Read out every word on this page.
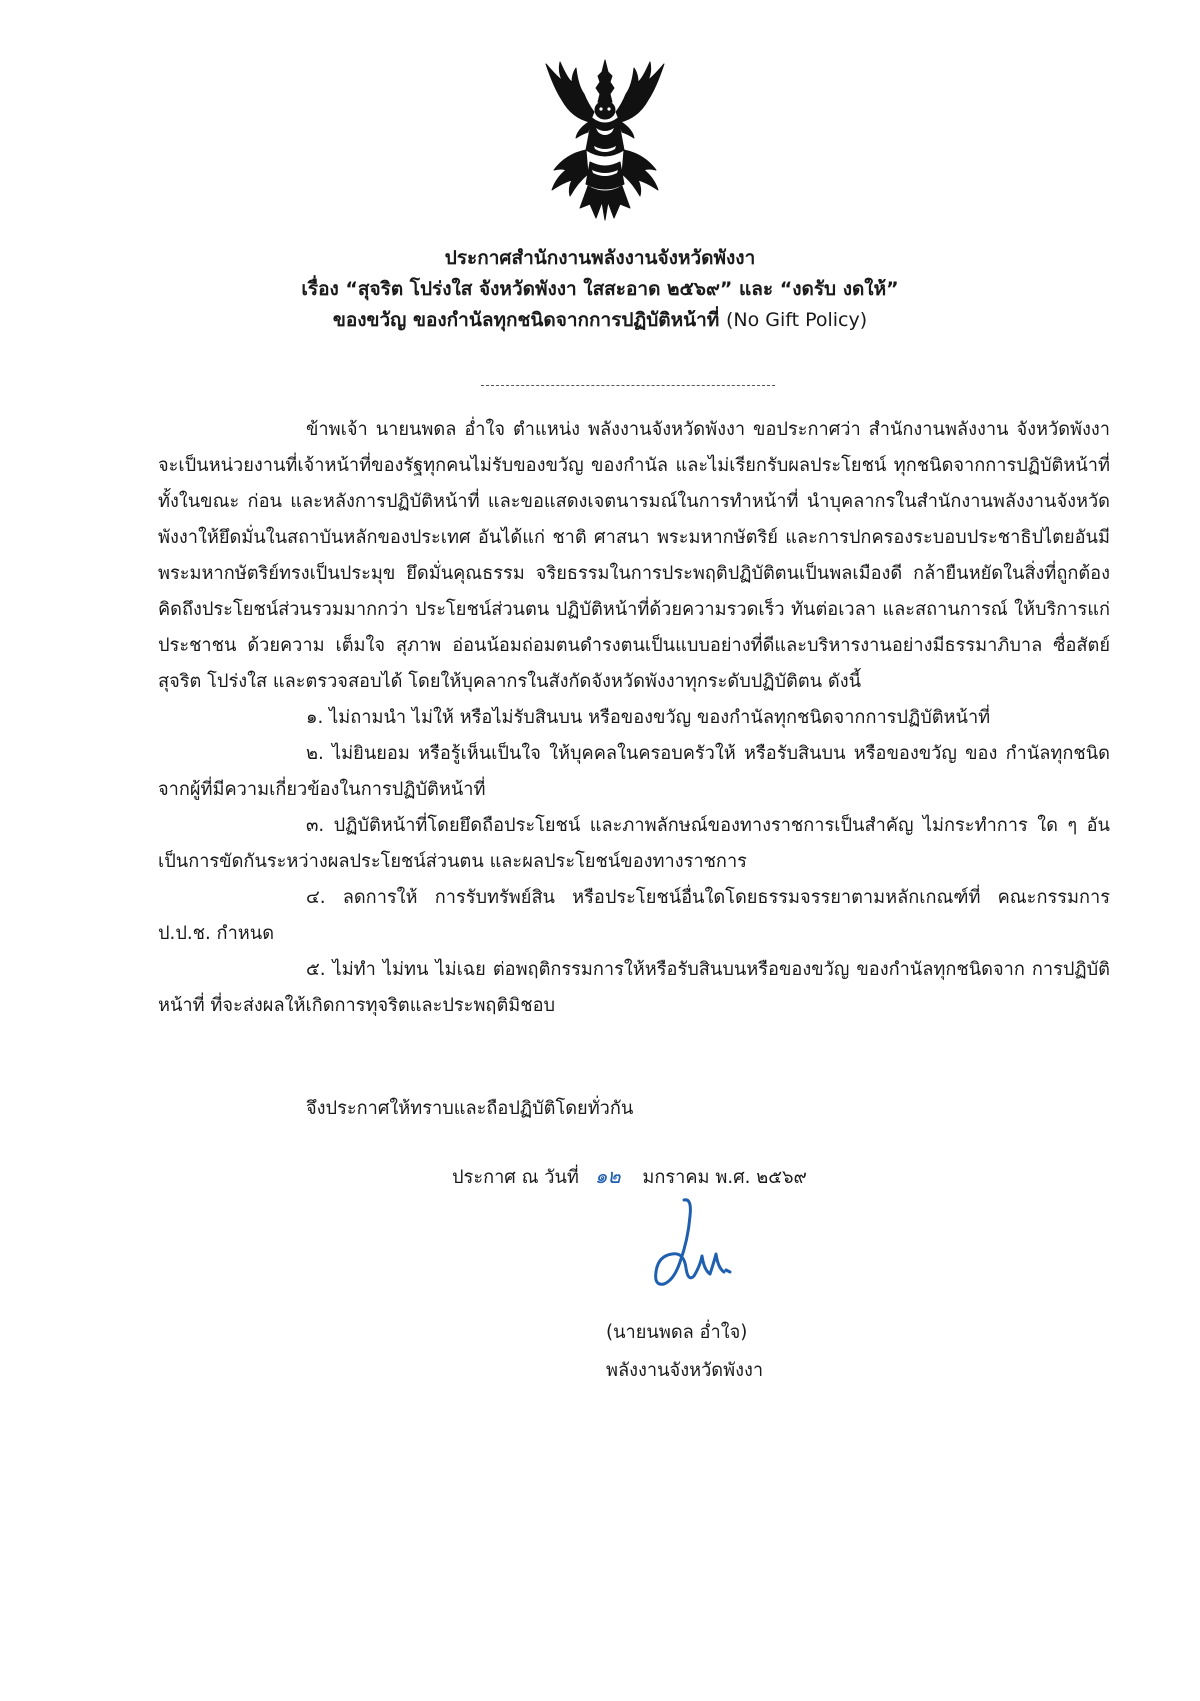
ประกาศสำนักงานพลังงานจังหวัดพังงา
เรื่อง “สุจริต โปร่งใส จังหวัดพังงา ใสสะอาด ๒๕๖๙” และ “งดรับ งดให้”
ของขวัญ ของกำนัลทุกชนิดจากการปฏิบัติหน้าที่ (No Gift Policy)

ข้าพเจ้า นายนพดล อ่ำใจ ตำแหน่ง พลังงานจังหวัดพังงา ขอประกาศว่า สำนักงานพลังงาน จังหวัดพังงา จะเป็นหน่วยงานที่เจ้าหน้าที่ของรัฐทุกคนไม่รับของขวัญ ของกำนัล และไม่เรียกรับผลประโยชน์ ทุกชนิดจากการปฏิบัติหน้าที่ ทั้งในขณะ ก่อน และหลังการปฏิบัติหน้าที่ และขอแสดงเจตนารมณ์ในการทำหน้าที่ นำบุคลากรในสำนักงานพลังงานจังหวัดพังงาให้ยึดมั่นในสถาบันหลักของประเทศ อันได้แก่ ชาติ ศาสนา พระมหากษัตริย์ และการปกครองระบอบประชาธิปไตยอันมีพระมหากษัตริย์ทรงเป็นประมุข ยึดมั่นคุณธรรม จริยธรรมในการประพฤติปฏิบัติตนเป็นพลเมืองดี กล้ายืนหยัดในสิ่งที่ถูกต้อง คิดถึงประโยชน์ส่วนรวมมากกว่า ประโยชน์ส่วนตน ปฏิบัติหน้าที่ด้วยความรวดเร็ว ทันต่อเวลา และสถานการณ์ ให้บริการแก่ประชาชน ด้วยความ เต็มใจ สุภาพ อ่อนน้อมถ่อมตนดำรงตนเป็นแบบอย่างที่ดีและบริหารงานอย่างมีธรรมาภิบาล ซื่อสัตย์สุจริต โปร่งใส และตรวจสอบได้ โดยให้บุคลากรในสังกัดจังหวัดพังงาทุกระดับปฏิบัติตน ดังนี้

๑. ไม่ถามนำ ไม่ให้ หรือไม่รับสินบน หรือของขวัญ ของกำนัลทุกชนิดจากการปฏิบัติหน้าที่

๒. ไม่ยินยอม หรือรู้เห็นเป็นใจ ให้บุคคลในครอบครัวให้ หรือรับสินบน หรือของขวัญ ของ กำนัลทุกชนิดจากผู้ที่มีความเกี่ยวข้องในการปฏิบัติหน้าที่

๓. ปฏิบัติหน้าที่โดยยึดถือประโยชน์ และภาพลักษณ์ของทางราชการเป็นสำคัญ ไม่กระทำการ ใด ๆ อันเป็นการขัดกันระหว่างผลประโยชน์ส่วนตน และผลประโยชน์ของทางราชการ

๔. ลดการให้ การรับทรัพย์สิน หรือประโยชน์อื่นใดโดยธรรมจรรยาตามหลักเกณฑ์ที่ คณะกรรมการ ป.ป.ช. กำหนด

๕. ไม่ทำ ไม่ทน ไม่เฉย ต่อพฤติกรรมการให้หรือรับสินบนหรือของขวัญ ของกำนัลทุกชนิดจาก การปฏิบัติหน้าที่ ที่จะส่งผลให้เกิดการทุจริตและประพฤติมิชอบ

จึงประกาศให้ทราบและถือปฏิบัติโดยทั่วกัน
ประกาศ ณ วันที่ ๑๒ มกราคม พ.ศ. ๒๕๖๙
(นายนพดล อ่ำใจ)
พลังงานจังหวัดพังงา
